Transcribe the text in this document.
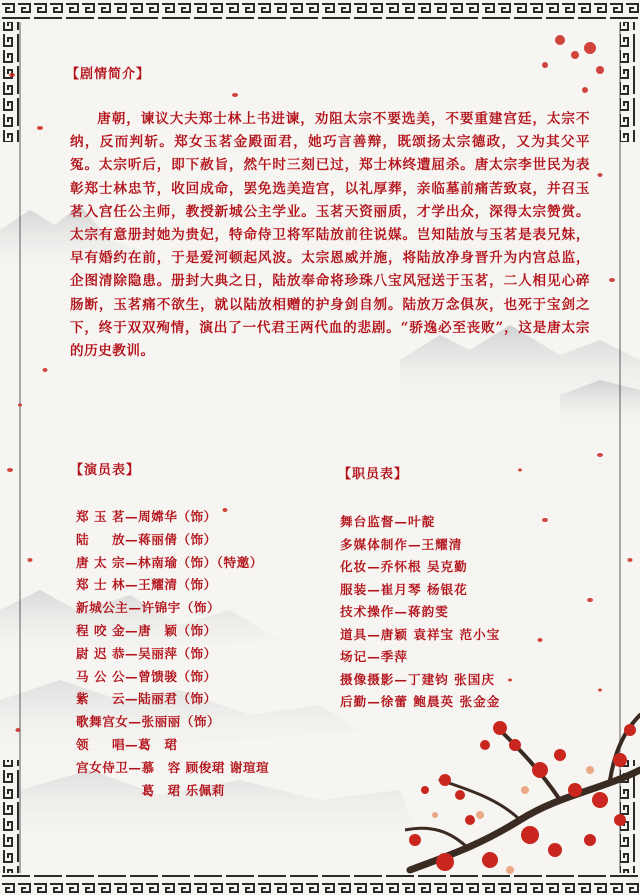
【剧情简介】

唐朝，谏议大夫郑士林上书进谏，劝阻太宗不要选美，不要重建宫廷，太宗不纳，反而判斩。郑女玉茗金殿面君，她巧言善辩，既颂扬太宗德政，又为其父平冤。太宗听后，即下赦旨，然午时三刻已过，郑士林终遭屈杀。唐太宗李世民为表彰郑士林忠节，收回成命，罢免选美造宫，以礼厚葬，亲临墓前痛苦致哀，并召玉茗入宫任公主师，教授新城公主学业。玉茗天资丽质，才学出众，深得太宗赞赏。太宗有意册封她为贵妃，特命侍卫将军陆放前往说媒。岂知陆放与玉茗是表兄妹，早有婚约在前，于是爱河顿起风波。太宗恩威并施，将陆放净身晋升为内宫总监，企图清除隐患。册封大典之日，陆放奉命将珍珠八宝风冠送于玉茗，二人相见心碎肠断，玉茗痛不欲生，就以陆放相赠的护身剑自刎。陆放万念俱灰，也死于宝剑之下，终于双双殉情，演出了一代君王两代血的悲剧。“骄逸必至丧败”，这是唐太宗的历史教训。

【演员表】
郑 玉 茗—周嫦华（饰）
陆 　 放—蒋丽倩（饰）
唐 太 宗—林南瑜（饰）（特邀）
郑 士 林—王耀清（饰）
新城公主—许锦宇（饰）
程 咬 金—唐　颖（饰）
尉 迟 恭—吴丽萍（饰）
马 公 公—曾馈骏（饰）
紫 　 云—陆丽君（饰）
歌舞宫女—张丽丽（饰）
领 　 唱—葛　珺
宫女侍卫—慕　容 顾俊珺 谢瑄瑄
　　　　　葛　珺 乐佩莉
【职员表】
舞台监督—叶靛
多媒体制作—王耀清
化妆—乔怀根 吴克勤
服装—崔月琴 杨银花
技术操作—蒋韵雯
道具—唐颖 袁祥宝 范小宝
场记—季萍
摄像摄影—丁建钧 张国庆
后勤—徐蕾 鲍晨英 张金金
